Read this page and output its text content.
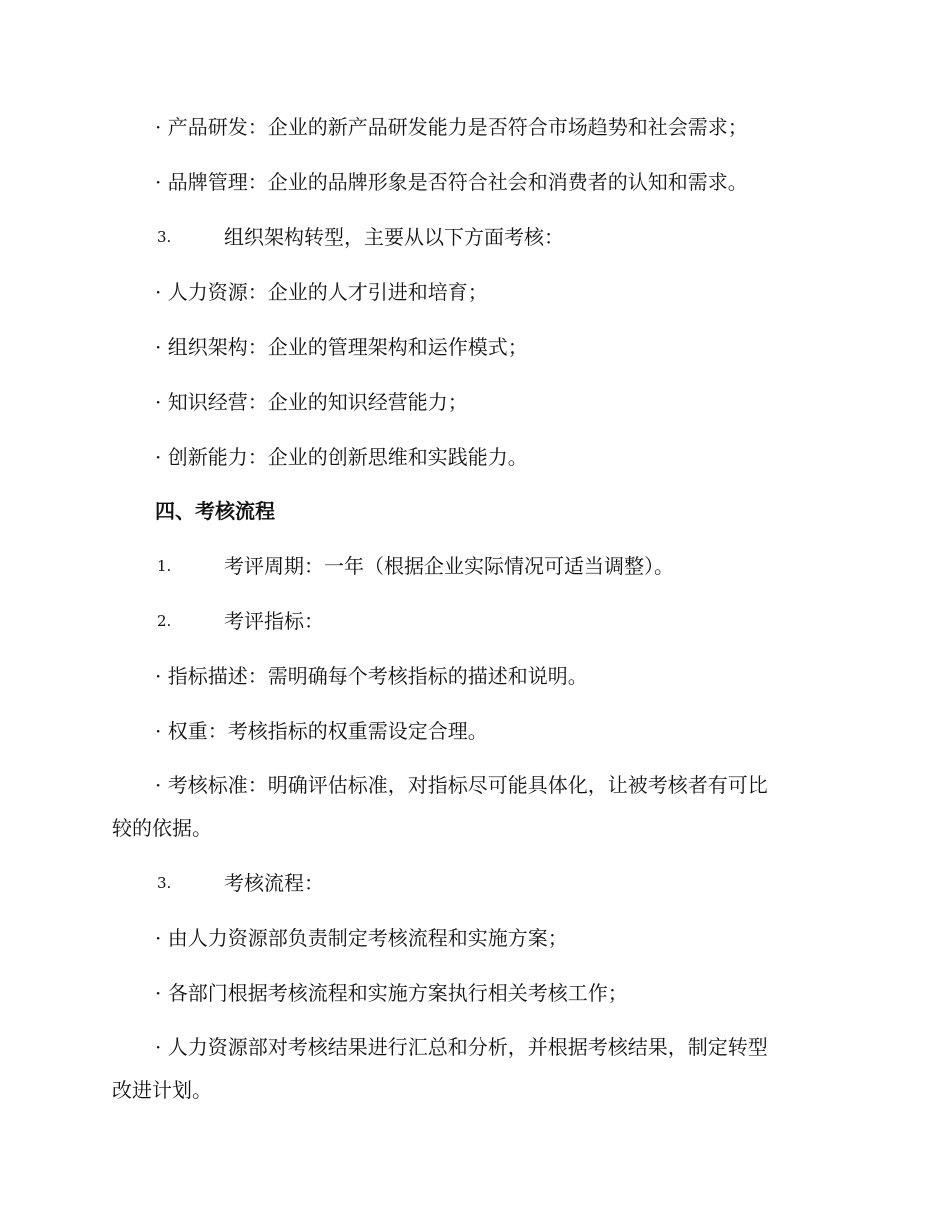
· 产品研发：企业的新产品研发能力是否符合市场趋势和社会需求；
· 品牌管理：企业的品牌形象是否符合社会和消费者的认知和需求。
3.	组织架构转型，主要从以下方面考核：
· 人力资源：企业的人才引进和培育；
· 组织架构：企业的管理架构和运作模式；
· 知识经营：企业的知识经营能力；
· 创新能力：企业的创新思维和实践能力。
四、考核流程
1.	考评周期：一年（根据企业实际情况可适当调整）。
2.	考评指标：
· 指标描述：需明确每个考核指标的描述和说明。
· 权重：考核指标的权重需设定合理。
· 考核标准：明确评估标准，对指标尽可能具体化，让被考核者有可比
较的依据。
3.	考核流程：
· 由人力资源部负责制定考核流程和实施方案；
· 各部门根据考核流程和实施方案执行相关考核工作；
· 人力资源部对考核结果进行汇总和分析，并根据考核结果，制定转型
改进计划。
